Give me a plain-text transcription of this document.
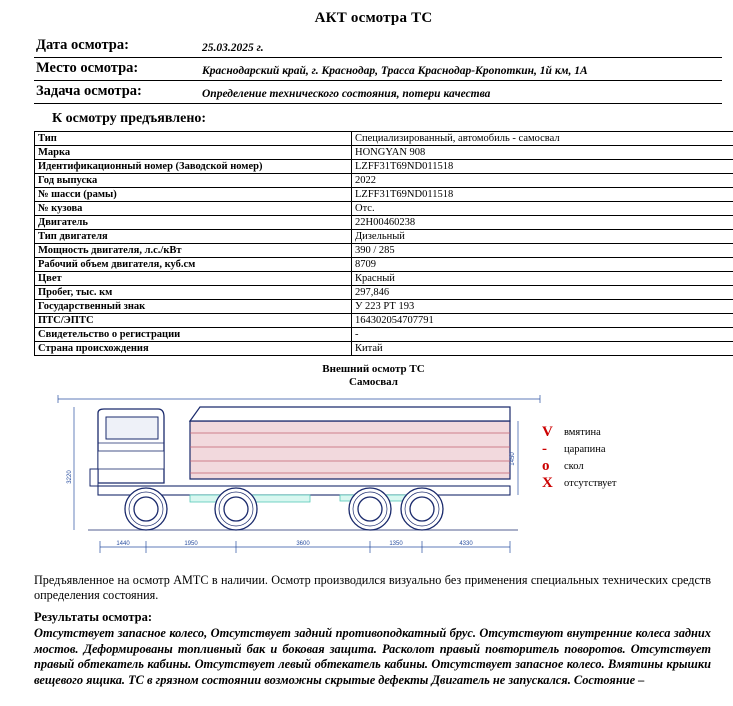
АКТ осмотра ТС
Дата осмотра:	25.03.2025 г.
Место осмотра:	Краснодарский край, г. Краснодар, Трасса Краснодар-Кропоткин, 1й км, 1А
Задача осмотра:	Определение технического состояния, потери качества
К осмотру предъявлено:
Тип	Специализированный, автомобиль - самосвал
Марка	HONGYAN 908
Идентификационный номер (Заводской номер)	LZFF31T69ND011518
Год выпуска	2022
№ шасси (рамы)	LZFF31T69ND011518
№ кузова	Отс.
Двигатель	22Н00460238
Тип двигателя	Дизельный
Мощность двигателя, л.с./кВт	390 / 285
Рабочий объем двигателя, куб.см	8709
Цвет	Красный
Пробег, тыс. км	297,846
Государственный знак	У 223 РТ 193
ПТС/ЭПТС	164302054707791
Свидетельство о регистрации	-
Страна происхождения	Китай
Внешний осмотр ТС
Самосвал
3220
1450
1440	1950	3600	1350	4330
V	вмятина
-	царапина
o	скол
X	отсутствует
Предъявленное на осмотр АМТС в наличии. Осмотр производился визуально без применения специальных технических средств определения состояния.
Результаты осмотра:
Отсутствует запасное колесо, Отсутствует задний противоподкатный брус. Отсутствуют внутренние колеса задних мостов. Деформированы топливный бак и боковая защита. Расколот правый повторитель поворотов. Отсутствует правый обтекатель кабины. Отсутствует левый обтекатель кабины. Отсутствует запасное колесо. Вмятины крышки вещевого ящика. ТС в грязном состоянии возможны скрытые дефекты Двигатель не запускался. Состояние –
